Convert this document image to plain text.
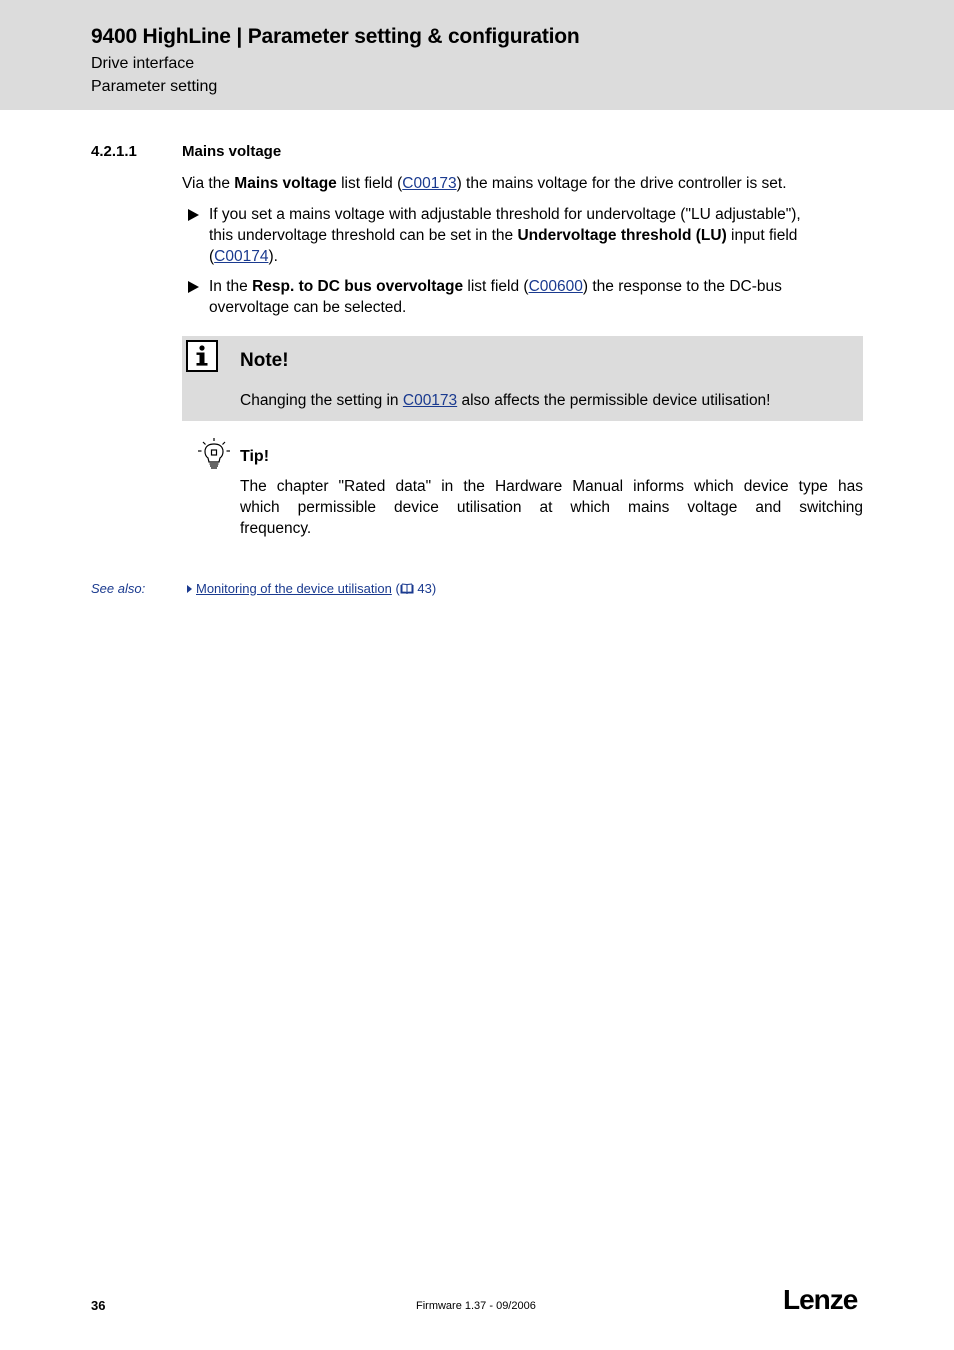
9400 HighLine | Parameter setting & configuration
Drive interface
Parameter setting
4.2.1.1	Mains voltage
Via the Mains voltage list field (C00173) the mains voltage for the drive controller is set.
If you set a mains voltage with adjustable threshold for undervoltage ("LU adjustable"),
this undervoltage threshold can be set in the Undervoltage threshold (LU) input field
(C00174).
In the Resp. to DC bus overvoltage list field (C00600) the response to the DC-bus
overvoltage can be selected.
Note!
Changing the setting in C00173 also affects the permissible device utilisation!
Tip!
The chapter "Rated data" in the Hardware Manual informs which device type has
which permissible device utilisation at which mains voltage and switching
frequency.
See also:	Monitoring of the device utilisation ( 43)
36	Firmware 1.37 - 09/2006	Lenze
